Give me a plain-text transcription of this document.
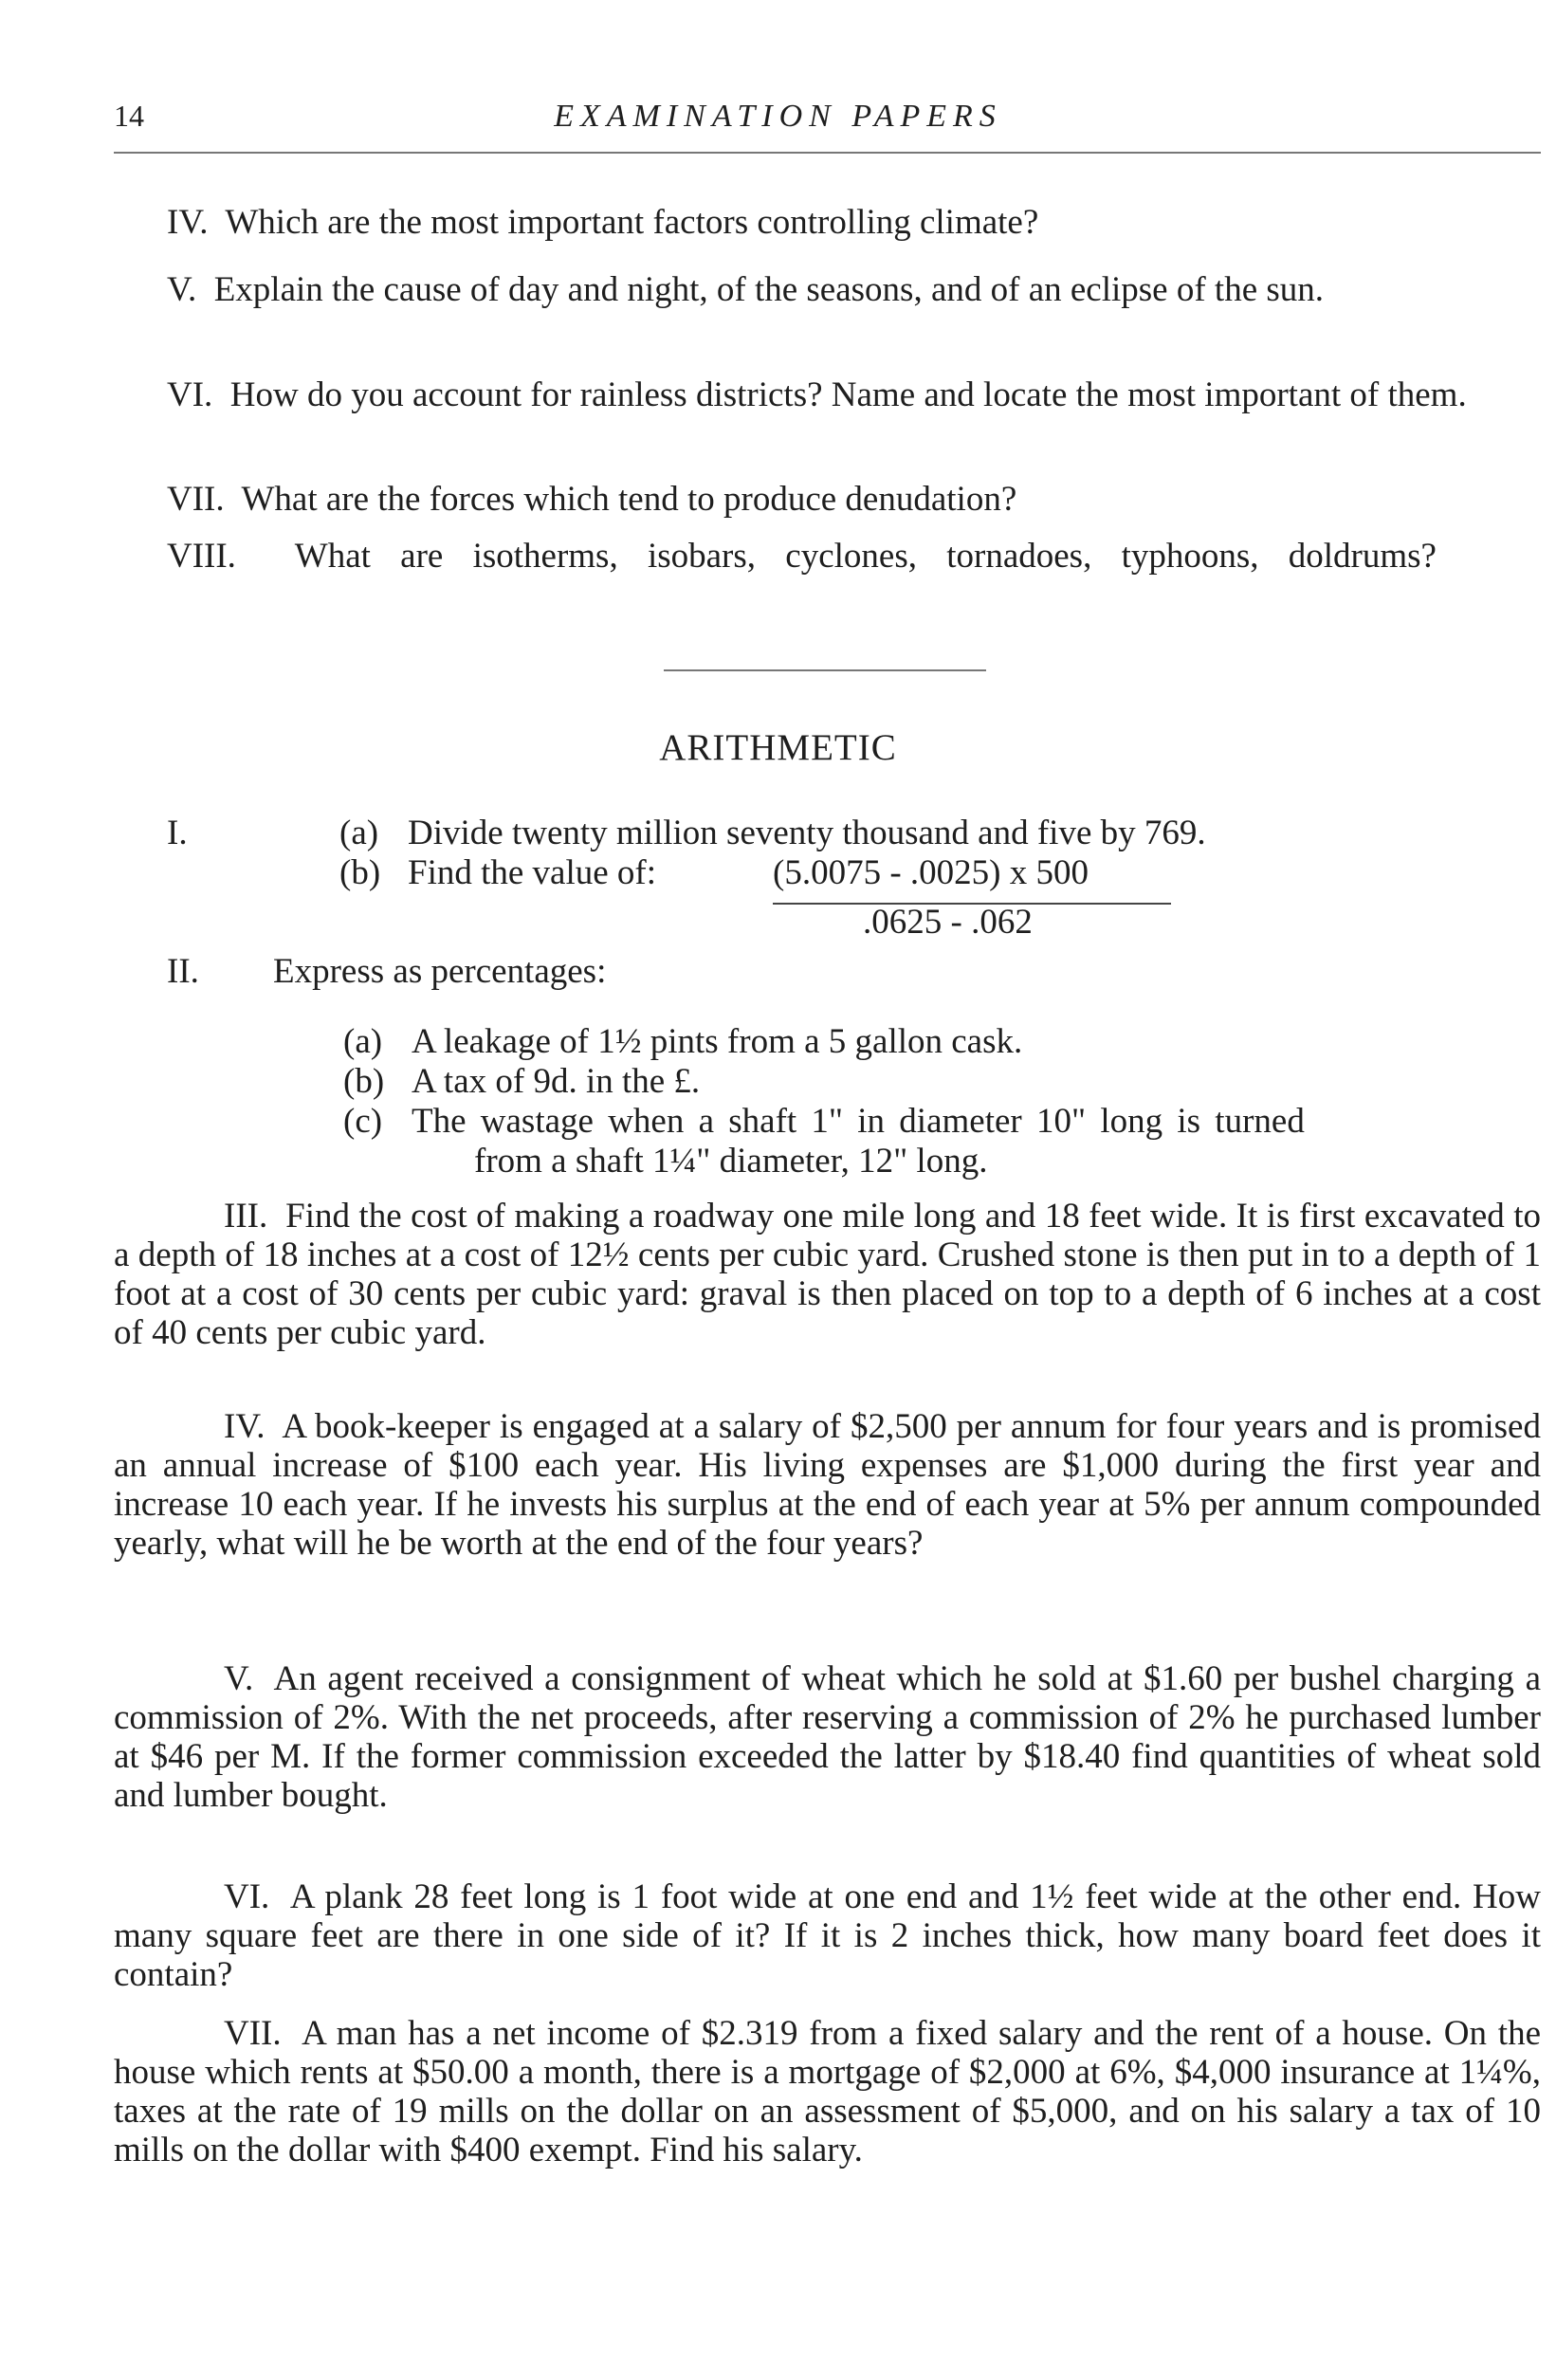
14	EXAMINATION PAPERS

IV. Which are the most important factors controlling climate?

V. Explain the cause of day and night, of the seasons, and of an eclipse of the sun.

VI. How do you account for rainless districts? Name and locate the most important of them.

VII. What are the forces which tend to produce denudation?

VIII. What are isotherms, isobars, cyclones, tornadoes, typhoons, doldrums?

ARITHMETIC
I.	(a) Divide twenty million seventy thousand and five by 769.
(b) Find the value of:	(5.0075 - .0025) x 500
.0625 - .062
II. Express as percentages:
(a) A leakage of 1½ pints from a 5 gallon cask.
(b) A tax of 9d. in the £.
(c) The wastage when a shaft 1" in diameter 10" long is turned
from a shaft 1¼" diameter, 12" long.

III. Find the cost of making a roadway one mile long and 18 feet wide. It is first excavated to a depth of 18 inches at a cost of 12½ cents per cubic yard. Crushed stone is then put in to a depth of 1 foot at a cost of 30 cents per cubic yard: graval is then placed on top to a depth of 6 inches at a cost of 40 cents per cubic yard.

IV. A book-keeper is engaged at a salary of $2,500 per annum for four years and is promised an annual increase of $100 each year. His living expenses are $1,000 during the first year and increase 10 each year. If he invests his surplus at the end of each year at 5% per annum compounded yearly, what will he be worth at the end of the four years?

V. An agent received a consignment of wheat which he sold at $1.60 per bushel charging a commission of 2%. With the net proceeds, after reserving a commission of 2% he purchased lumber at $46 per M. If the former commission exceeded the latter by $18.40 find quantities of wheat sold and lumber bought.

VI. A plank 28 feet long is 1 foot wide at one end and 1½ feet wide at the other end. How many square feet are there in one side of it? If it is 2 inches thick, how many board feet does it contain?

VII. A man has a net income of $2.319 from a fixed salary and the rent of a house. On the house which rents at $50.00 a month, there is a mortgage of $2,000 at 6%, $4,000 insurance at 1¼%, taxes at the rate of 19 mills on the dollar on an assessment of $5,000, and on his salary a tax of 10 mills on the dollar with $400 exempt. Find his salary.
